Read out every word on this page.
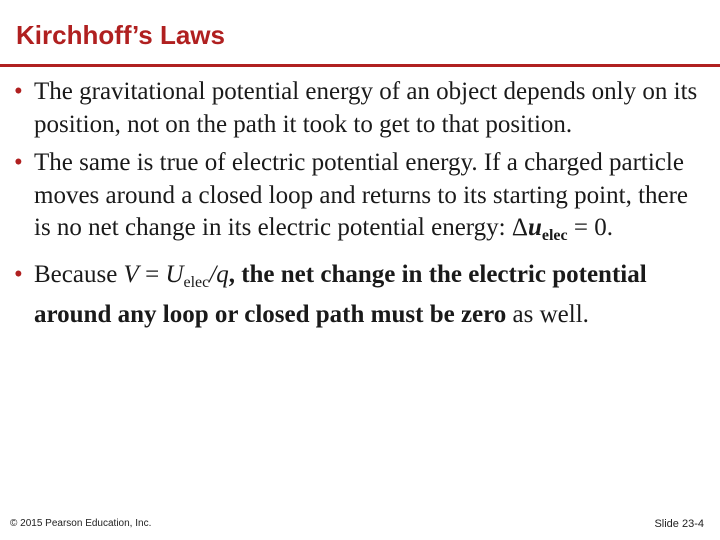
Kirchhoff’s Laws
• The gravitational potential energy of an object depends only on its position, not on the path it took to get to that position.
• The same is true of electric potential energy. If a charged particle moves around a closed loop and returns to its starting point, there is no net change in its electric potential energy: $\Delta u_{elec} = 0$.
• Because $V = U_{elec}/q$, the net change in the electric potential around any loop or closed path must be zero as well.
© 2015 Pearson Education, Inc.	Slide 23-4
